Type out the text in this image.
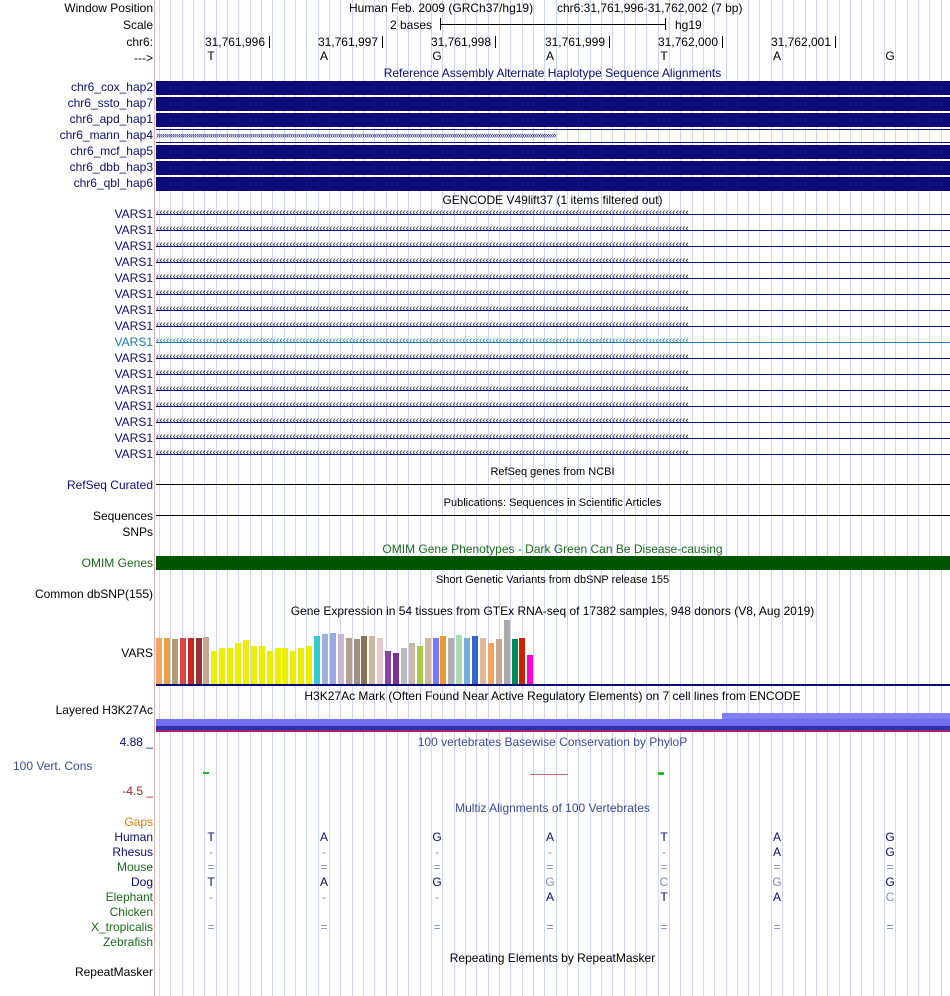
Window Position	Human Feb. 2009 (GRCh37/hg19) chr6:31,761,996-31,762,002 (7 bp)
Scale	2 bases	hg19
chr6:
--->
31,761,996	31,761,997	31,761,998	31,761,999	31,762,000	31,762,001
T	A	G	A	T	A	G
Reference Assembly Alternate Haplotype Sequence Alignments
chr6_cox_hap2
chr6_ssto_hap7
chr6_apd_hap1
chr6_mann_hap4 ››››››››››››››››››››››››››››››››››››››››››››››››››››››››››››››››››››››››››››››››››››››››››››››››››››››››››››››››››››››››››››››››››››››››››››››››››››››››››››››››››››››››››››››››››››››››››››››››››››››››
chr6_mcf_hap5
chr6_dbb_hap3
chr6_qbl_hap6
GENCODE V49lift37 (1 items filtered out)
VARS1 ‹‹‹‹‹‹‹‹‹‹‹‹‹‹‹‹‹‹‹‹‹‹‹‹‹‹‹‹‹‹‹‹‹‹‹‹‹‹‹‹‹‹‹‹‹‹‹‹‹‹‹‹‹‹‹‹‹‹‹‹‹‹‹‹‹‹‹‹‹‹‹‹‹‹‹‹‹‹‹‹‹‹‹‹‹‹‹‹‹‹‹‹‹‹‹‹‹‹‹‹‹‹‹‹‹‹‹‹‹‹‹‹‹‹‹‹‹‹‹‹‹‹‹‹‹‹‹‹‹‹‹‹‹‹‹‹‹‹‹‹‹‹‹‹‹‹‹‹‹‹‹‹‹‹‹‹‹‹‹‹
VARS1 ‹‹‹‹‹‹‹‹‹‹‹‹‹‹‹‹‹‹‹‹‹‹‹‹‹‹‹‹‹‹‹‹‹‹‹‹‹‹‹‹‹‹‹‹‹‹‹‹‹‹‹‹‹‹‹‹‹‹‹‹‹‹‹‹‹‹‹‹‹‹‹‹‹‹‹‹‹‹‹‹‹‹‹‹‹‹‹‹‹‹‹‹‹‹‹‹‹‹‹‹‹‹‹‹‹‹‹‹‹‹‹‹‹‹‹‹‹‹‹‹‹‹‹‹‹‹‹‹‹‹‹‹‹‹‹‹‹‹‹‹‹‹‹‹‹‹‹‹‹‹‹‹‹‹‹‹‹‹‹‹
VARS1 ‹‹‹‹‹‹‹‹‹‹‹‹‹‹‹‹‹‹‹‹‹‹‹‹‹‹‹‹‹‹‹‹‹‹‹‹‹‹‹‹‹‹‹‹‹‹‹‹‹‹‹‹‹‹‹‹‹‹‹‹‹‹‹‹‹‹‹‹‹‹‹‹‹‹‹‹‹‹‹‹‹‹‹‹‹‹‹‹‹‹‹‹‹‹‹‹‹‹‹‹‹‹‹‹‹‹‹‹‹‹‹‹‹‹‹‹‹‹‹‹‹‹‹‹‹‹‹‹‹‹‹‹‹‹‹‹‹‹‹‹‹‹‹‹‹‹‹‹‹‹‹‹‹‹‹‹‹‹‹‹
VARS1 ‹‹‹‹‹‹‹‹‹‹‹‹‹‹‹‹‹‹‹‹‹‹‹‹‹‹‹‹‹‹‹‹‹‹‹‹‹‹‹‹‹‹‹‹‹‹‹‹‹‹‹‹‹‹‹‹‹‹‹‹‹‹‹‹‹‹‹‹‹‹‹‹‹‹‹‹‹‹‹‹‹‹‹‹‹‹‹‹‹‹‹‹‹‹‹‹‹‹‹‹‹‹‹‹‹‹‹‹‹‹‹‹‹‹‹‹‹‹‹‹‹‹‹‹‹‹‹‹‹‹‹‹‹‹‹‹‹‹‹‹‹‹‹‹‹‹‹‹‹‹‹‹‹‹‹‹‹‹‹‹
VARS1 ‹‹‹‹‹‹‹‹‹‹‹‹‹‹‹‹‹‹‹‹‹‹‹‹‹‹‹‹‹‹‹‹‹‹‹‹‹‹‹‹‹‹‹‹‹‹‹‹‹‹‹‹‹‹‹‹‹‹‹‹‹‹‹‹‹‹‹‹‹‹‹‹‹‹‹‹‹‹‹‹‹‹‹‹‹‹‹‹‹‹‹‹‹‹‹‹‹‹‹‹‹‹‹‹‹‹‹‹‹‹‹‹‹‹‹‹‹‹‹‹‹‹‹‹‹‹‹‹‹‹‹‹‹‹‹‹‹‹‹‹‹‹‹‹‹‹‹‹‹‹‹‹‹‹‹‹‹‹‹‹
VARS1 ‹‹‹‹‹‹‹‹‹‹‹‹‹‹‹‹‹‹‹‹‹‹‹‹‹‹‹‹‹‹‹‹‹‹‹‹‹‹‹‹‹‹‹‹‹‹‹‹‹‹‹‹‹‹‹‹‹‹‹‹‹‹‹‹‹‹‹‹‹‹‹‹‹‹‹‹‹‹‹‹‹‹‹‹‹‹‹‹‹‹‹‹‹‹‹‹‹‹‹‹‹‹‹‹‹‹‹‹‹‹‹‹‹‹‹‹‹‹‹‹‹‹‹‹‹‹‹‹‹‹‹‹‹‹‹‹‹‹‹‹‹‹‹‹‹‹‹‹‹‹‹‹‹‹‹‹‹‹‹‹
VARS1 ‹‹‹‹‹‹‹‹‹‹‹‹‹‹‹‹‹‹‹‹‹‹‹‹‹‹‹‹‹‹‹‹‹‹‹‹‹‹‹‹‹‹‹‹‹‹‹‹‹‹‹‹‹‹‹‹‹‹‹‹‹‹‹‹‹‹‹‹‹‹‹‹‹‹‹‹‹‹‹‹‹‹‹‹‹‹‹‹‹‹‹‹‹‹‹‹‹‹‹‹‹‹‹‹‹‹‹‹‹‹‹‹‹‹‹‹‹‹‹‹‹‹‹‹‹‹‹‹‹‹‹‹‹‹‹‹‹‹‹‹‹‹‹‹‹‹‹‹‹‹‹‹‹‹‹‹‹‹‹‹
VARS1 ‹‹‹‹‹‹‹‹‹‹‹‹‹‹‹‹‹‹‹‹‹‹‹‹‹‹‹‹‹‹‹‹‹‹‹‹‹‹‹‹‹‹‹‹‹‹‹‹‹‹‹‹‹‹‹‹‹‹‹‹‹‹‹‹‹‹‹‹‹‹‹‹‹‹‹‹‹‹‹‹‹‹‹‹‹‹‹‹‹‹‹‹‹‹‹‹‹‹‹‹‹‹‹‹‹‹‹‹‹‹‹‹‹‹‹‹‹‹‹‹‹‹‹‹‹‹‹‹‹‹‹‹‹‹‹‹‹‹‹‹‹‹‹‹‹‹‹‹‹‹‹‹‹‹‹‹‹‹‹‹
VARS1 ‹‹‹‹‹‹‹‹‹‹‹‹‹‹‹‹‹‹‹‹‹‹‹‹‹‹‹‹‹‹‹‹‹‹‹‹‹‹‹‹‹‹‹‹‹‹‹‹‹‹‹‹‹‹‹‹‹‹‹‹‹‹‹‹‹‹‹‹‹‹‹‹‹‹‹‹‹‹‹‹‹‹‹‹‹‹‹‹‹‹‹‹‹‹‹‹‹‹‹‹‹‹‹‹‹‹‹‹‹‹‹‹‹‹‹‹‹‹‹‹‹‹‹‹‹‹‹‹‹‹‹‹‹‹‹‹‹‹‹‹‹‹‹‹‹‹‹‹‹‹‹‹‹‹‹‹‹‹‹‹
VARS1 ‹‹‹‹‹‹‹‹‹‹‹‹‹‹‹‹‹‹‹‹‹‹‹‹‹‹‹‹‹‹‹‹‹‹‹‹‹‹‹‹‹‹‹‹‹‹‹‹‹‹‹‹‹‹‹‹‹‹‹‹‹‹‹‹‹‹‹‹‹‹‹‹‹‹‹‹‹‹‹‹‹‹‹‹‹‹‹‹‹‹‹‹‹‹‹‹‹‹‹‹‹‹‹‹‹‹‹‹‹‹‹‹‹‹‹‹‹‹‹‹‹‹‹‹‹‹‹‹‹‹‹‹‹‹‹‹‹‹‹‹‹‹‹‹‹‹‹‹‹‹‹‹‹‹‹‹‹‹‹‹
VARS1 ‹‹‹‹‹‹‹‹‹‹‹‹‹‹‹‹‹‹‹‹‹‹‹‹‹‹‹‹‹‹‹‹‹‹‹‹‹‹‹‹‹‹‹‹‹‹‹‹‹‹‹‹‹‹‹‹‹‹‹‹‹‹‹‹‹‹‹‹‹‹‹‹‹‹‹‹‹‹‹‹‹‹‹‹‹‹‹‹‹‹‹‹‹‹‹‹‹‹‹‹‹‹‹‹‹‹‹‹‹‹‹‹‹‹‹‹‹‹‹‹‹‹‹‹‹‹‹‹‹‹‹‹‹‹‹‹‹‹‹‹‹‹‹‹‹‹‹‹‹‹‹‹‹‹‹‹‹‹‹‹
VARS1 ‹‹‹‹‹‹‹‹‹‹‹‹‹‹‹‹‹‹‹‹‹‹‹‹‹‹‹‹‹‹‹‹‹‹‹‹‹‹‹‹‹‹‹‹‹‹‹‹‹‹‹‹‹‹‹‹‹‹‹‹‹‹‹‹‹‹‹‹‹‹‹‹‹‹‹‹‹‹‹‹‹‹‹‹‹‹‹‹‹‹‹‹‹‹‹‹‹‹‹‹‹‹‹‹‹‹‹‹‹‹‹‹‹‹‹‹‹‹‹‹‹‹‹‹‹‹‹‹‹‹‹‹‹‹‹‹‹‹‹‹‹‹‹‹‹‹‹‹‹‹‹‹‹‹‹‹‹‹‹‹
VARS1 ‹‹‹‹‹‹‹‹‹‹‹‹‹‹‹‹‹‹‹‹‹‹‹‹‹‹‹‹‹‹‹‹‹‹‹‹‹‹‹‹‹‹‹‹‹‹‹‹‹‹‹‹‹‹‹‹‹‹‹‹‹‹‹‹‹‹‹‹‹‹‹‹‹‹‹‹‹‹‹‹‹‹‹‹‹‹‹‹‹‹‹‹‹‹‹‹‹‹‹‹‹‹‹‹‹‹‹‹‹‹‹‹‹‹‹‹‹‹‹‹‹‹‹‹‹‹‹‹‹‹‹‹‹‹‹‹‹‹‹‹‹‹‹‹‹‹‹‹‹‹‹‹‹‹‹‹‹‹‹‹
VARS1 ‹‹‹‹‹‹‹‹‹‹‹‹‹‹‹‹‹‹‹‹‹‹‹‹‹‹‹‹‹‹‹‹‹‹‹‹‹‹‹‹‹‹‹‹‹‹‹‹‹‹‹‹‹‹‹‹‹‹‹‹‹‹‹‹‹‹‹‹‹‹‹‹‹‹‹‹‹‹‹‹‹‹‹‹‹‹‹‹‹‹‹‹‹‹‹‹‹‹‹‹‹‹‹‹‹‹‹‹‹‹‹‹‹‹‹‹‹‹‹‹‹‹‹‹‹‹‹‹‹‹‹‹‹‹‹‹‹‹‹‹‹‹‹‹‹‹‹‹‹‹‹‹‹‹‹‹‹‹‹‹
VARS1 ‹‹‹‹‹‹‹‹‹‹‹‹‹‹‹‹‹‹‹‹‹‹‹‹‹‹‹‹‹‹‹‹‹‹‹‹‹‹‹‹‹‹‹‹‹‹‹‹‹‹‹‹‹‹‹‹‹‹‹‹‹‹‹‹‹‹‹‹‹‹‹‹‹‹‹‹‹‹‹‹‹‹‹‹‹‹‹‹‹‹‹‹‹‹‹‹‹‹‹‹‹‹‹‹‹‹‹‹‹‹‹‹‹‹‹‹‹‹‹‹‹‹‹‹‹‹‹‹‹‹‹‹‹‹‹‹‹‹‹‹‹‹‹‹‹‹‹‹‹‹‹‹‹‹‹‹‹‹‹‹
VARS1 ‹‹‹‹‹‹‹‹‹‹‹‹‹‹‹‹‹‹‹‹‹‹‹‹‹‹‹‹‹‹‹‹‹‹‹‹‹‹‹‹‹‹‹‹‹‹‹‹‹‹‹‹‹‹‹‹‹‹‹‹‹‹‹‹‹‹‹‹‹‹‹‹‹‹‹‹‹‹‹‹‹‹‹‹‹‹‹‹‹‹‹‹‹‹‹‹‹‹‹‹‹‹‹‹‹‹‹‹‹‹‹‹‹‹‹‹‹‹‹‹‹‹‹‹‹‹‹‹‹‹‹‹‹‹‹‹‹‹‹‹‹‹‹‹‹‹‹‹‹‹‹‹‹‹‹‹‹‹‹‹
RefSeq genes from NCBI
RefSeq Curated
Publications: Sequences in Scientific Articles
Sequences
SNPs
OMIM Gene Phenotypes - Dark Green Can Be Disease-causing
OMIM Genes
Short Genetic Variants from dbSNP release 155
Common dbSNP(155)
Gene Expression in 54 tissues from GTEx RNA-seq of 17382 samples, 948 donors (V8, Aug 2019)
VARS
H3K27Ac Mark (Often Found Near Active Regulatory Elements) on 7 cell lines from ENCODE
Layered H3K27Ac
4.88 _	100 vertebrates Basewise Conservation by PhyloP
100 Vert. Cons
-4.5 _
Multiz Alignments of 100 Vertebrates
Gaps
Human	T	A	G	A	T	A	G
Rhesus	-	-	-	-	-	A	G
Mouse	=	=	=	=	=	=	=
Dog	T	A	G	G	C	G	G
Elephant	-	-	-	A	T	A	C
Chicken
X_tropicalis	=	=	=	=	=	=	=
Zebrafish
Repeating Elements by RepeatMasker
RepeatMasker
